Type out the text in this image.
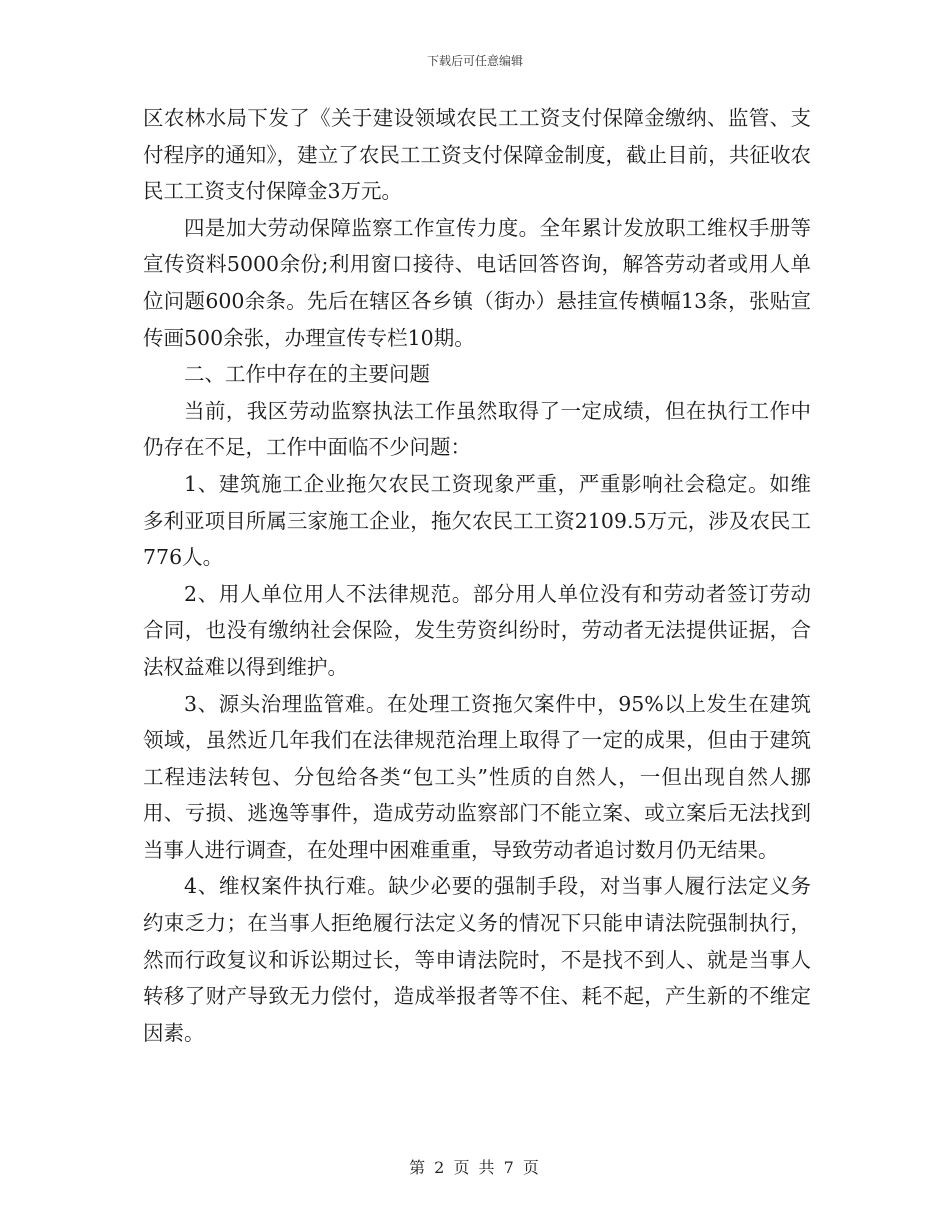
下载后可任意编辑

区农林水局下发了《关于建设领域农民工工资支付保障金缴纳、监管、支付程序的通知》，建立了农民工工资支付保障金制度，截止目前，共征收农民工工资支付保障金3万元。

四是加大劳动保障监察工作宣传力度。全年累计发放职工维权手册等宣传资料5000余份;利用窗口接待、电话回答咨询，解答劳动者或用人单位问题600余条。先后在辖区各乡镇（街办）悬挂宣传横幅13条，张贴宣传画500余张，办理宣传专栏10期。

二、工作中存在的主要问题

当前，我区劳动监察执法工作虽然取得了一定成绩，但在执行工作中仍存在不足，工作中面临不少问题：

1、建筑施工企业拖欠农民工资现象严重，严重影响社会稳定。如维多利亚项目所属三家施工企业，拖欠农民工工资2109.5万元，涉及农民工776人。

2、用人单位用人不法律规范。部分用人单位没有和劳动者签订劳动合同，也没有缴纳社会保险，发生劳资纠纷时，劳动者无法提供证据，合法权益难以得到维护。

3、源头治理监管难。在处理工资拖欠案件中，95%以上发生在建筑领域，虽然近几年我们在法律规范治理上取得了一定的成果，但由于建筑工程违法转包、分包给各类“包工头”性质的自然人，一但出现自然人挪用、亏损、逃逸等事件，造成劳动监察部门不能立案、或立案后无法找到当事人进行调查，在处理中困难重重，导致劳动者追讨数月仍无结果。

4、维权案件执行难。缺少必要的强制手段，对当事人履行法定义务约束乏力；在当事人拒绝履行法定义务的情况下只能申请法院强制执行，然而行政复议和诉讼期过长，等申请法院时，不是找不到人、就是当事人转移了财产导致无力偿付，造成举报者等不住、耗不起，产生新的不维定因素。

第 2 页 共 7 页
